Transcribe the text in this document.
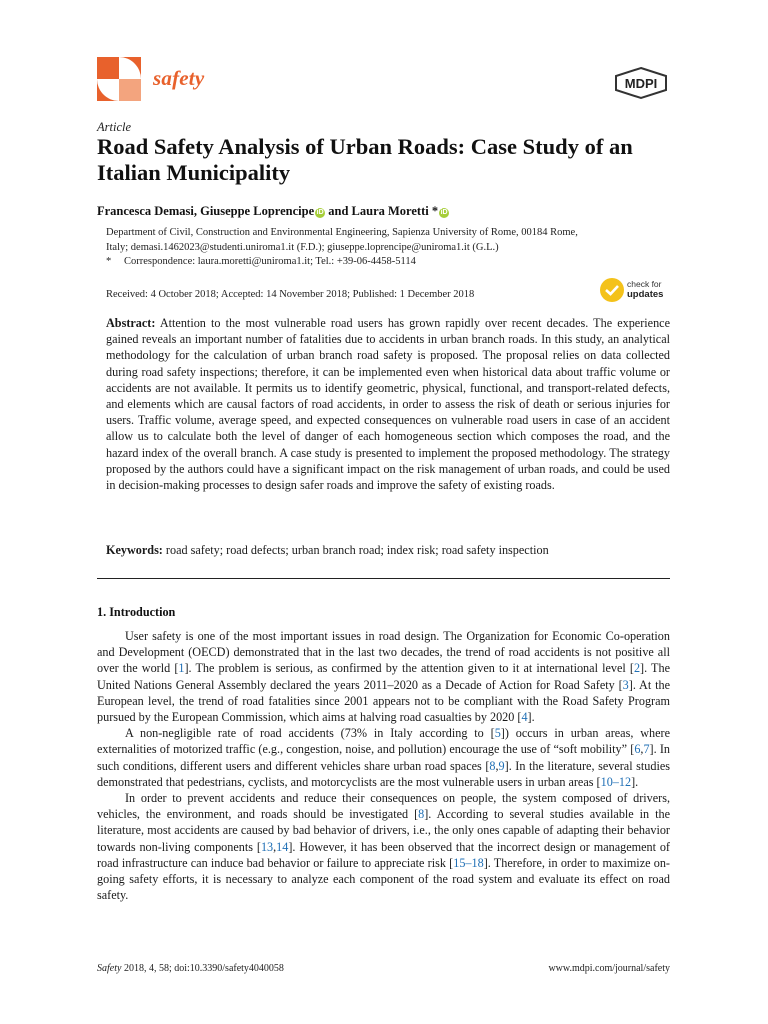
safety	MDPI
Article
Road Safety Analysis of Urban Roads: Case Study of an Italian Municipality
Francesca Demasi, Giuseppe Loprencipe iD and Laura Moretti * iD
Department of Civil, Construction and Environmental Engineering, Sapienza University of Rome, 00184 Rome,
Italy; demasi.1462023@studenti.uniroma1.it (F.D.); giuseppe.loprencipe@uniroma1.it (G.L.)
* Correspondence: laura.moretti@uniroma1.it; Tel.: +39-06-4458-5114
Received: 4 October 2018; Accepted: 14 November 2018; Published: 1 December 2018
check for
updates
Abstract: Attention to the most vulnerable road users has grown rapidly over recent decades. The experience gained reveals an important number of fatalities due to accidents in urban branch roads. In this study, an analytical methodology for the calculation of urban branch road safety is proposed. The proposal relies on data collected during road safety inspections; therefore, it can be implemented even when historical data about traffic volume or accidents are not available. It permits us to identify geometric, physical, functional, and transport-related defects, and elements which are causal factors of road accidents, in order to assess the risk of death or serious injuries for users. Traffic volume, average speed, and expected consequences on vulnerable road users in case of an accident allow us to calculate both the level of danger of each homogeneous section which composes the road, and the hazard index of the overall branch. A case study is presented to implement the proposed methodology. The strategy proposed by the authors could have a significant impact on the risk management of urban roads, and could be used in decision-making processes to design safer roads and improve the safety of existing roads.
Keywords: road safety; road defects; urban branch road; index risk; road safety inspection
1. Introduction

User safety is one of the most important issues in road design. The Organization for Economic Co-operation and Development (OECD) demonstrated that in the last two decades, the trend of road accidents is not positive all over the world [1]. The problem is serious, as confirmed by the attention given to it at international level [2]. The United Nations General Assembly declared the years 2011–2020 as a Decade of Action for Road Safety [3]. At the European level, the trend of road fatalities since 2001 appears not to be compliant with the Road Safety Program pursued by the European Commission, which aims at halving road casualties by 2020 [4].

A non-negligible rate of road accidents (73% in Italy according to [5]) occurs in urban areas, where externalities of motorized traffic (e.g., congestion, noise, and pollution) encourage the use of “soft mobility” [6,7]. In such conditions, different users and different vehicles share urban road spaces [8,9]. In the literature, several studies demonstrated that pedestrians, cyclists, and motorcyclists are the most vulnerable users in urban areas [10–12].

In order to prevent accidents and reduce their consequences on people, the system composed of drivers, vehicles, the environment, and roads should be investigated [8]. According to several studies available in the literature, most accidents are caused by bad behavior of drivers, i.e., the only ones capable of adapting their behavior towards non-living components [13,14]. However, it has been observed that the incorrect design or management of road infrastructure can induce bad behavior or failure to appreciate risk [15–18]. Therefore, in order to maximize on-going safety efforts, it is necessary to analyze each component of the road system and evaluate its effect on road safety.

Safety 2018, 4, 58; doi:10.3390/safety4040058	www.mdpi.com/journal/safety
